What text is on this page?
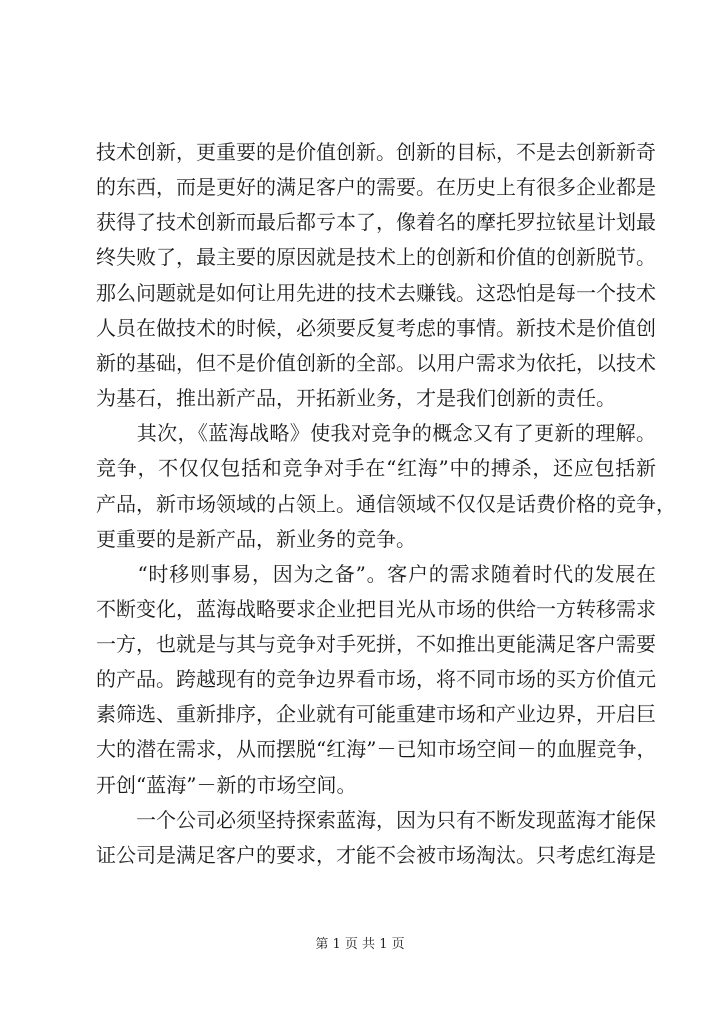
技术创新，更重要的是价值创新。创新的目标，不是去创新新奇
的东西，而是更好的满足客户的需要。在历史上有很多企业都是
获得了技术创新而最后都亏本了，像着名的摩托罗拉铱星计划最
终失败了，最主要的原因就是技术上的创新和价值的创新脱节。
那么问题就是如何让用先进的技术去赚钱。这恐怕是每一个技术
人员在做技术的时候，必须要反复考虑的事情。新技术是价值创
新的基础，但不是价值创新的全部。以用户需求为依托，以技术
为基石，推出新产品，开拓新业务，才是我们创新的责任。
　　其次，《蓝海战略》使我对竞争的概念又有了更新的理解。
竞争，不仅仅包括和竞争对手在“红海”中的搏杀，还应包括新
产品，新市场领域的占领上。通信领域不仅仅是话费价格的竞争，
更重要的是新产品，新业务的竞争。
　　“时移则事易，因为之备”。客户的需求随着时代的发展在
不断变化，蓝海战略要求企业把目光从市场的供给一方转移需求
一方，也就是与其与竞争对手死拼，不如推出更能满足客户需要
的产品。跨越现有的竞争边界看市场，将不同市场的买方价值元
素筛选、重新排序，企业就有可能重建市场和产业边界，开启巨
大的潜在需求，从而摆脱“红海”－已知市场空间－的血腥竞争，
开创“蓝海”－新的市场空间。
　　一个公司必须坚持探索蓝海，因为只有不断发现蓝海才能保
证公司是满足客户的要求，才能不会被市场淘汰。只考虑红海是
第 1 页 共 1 页
